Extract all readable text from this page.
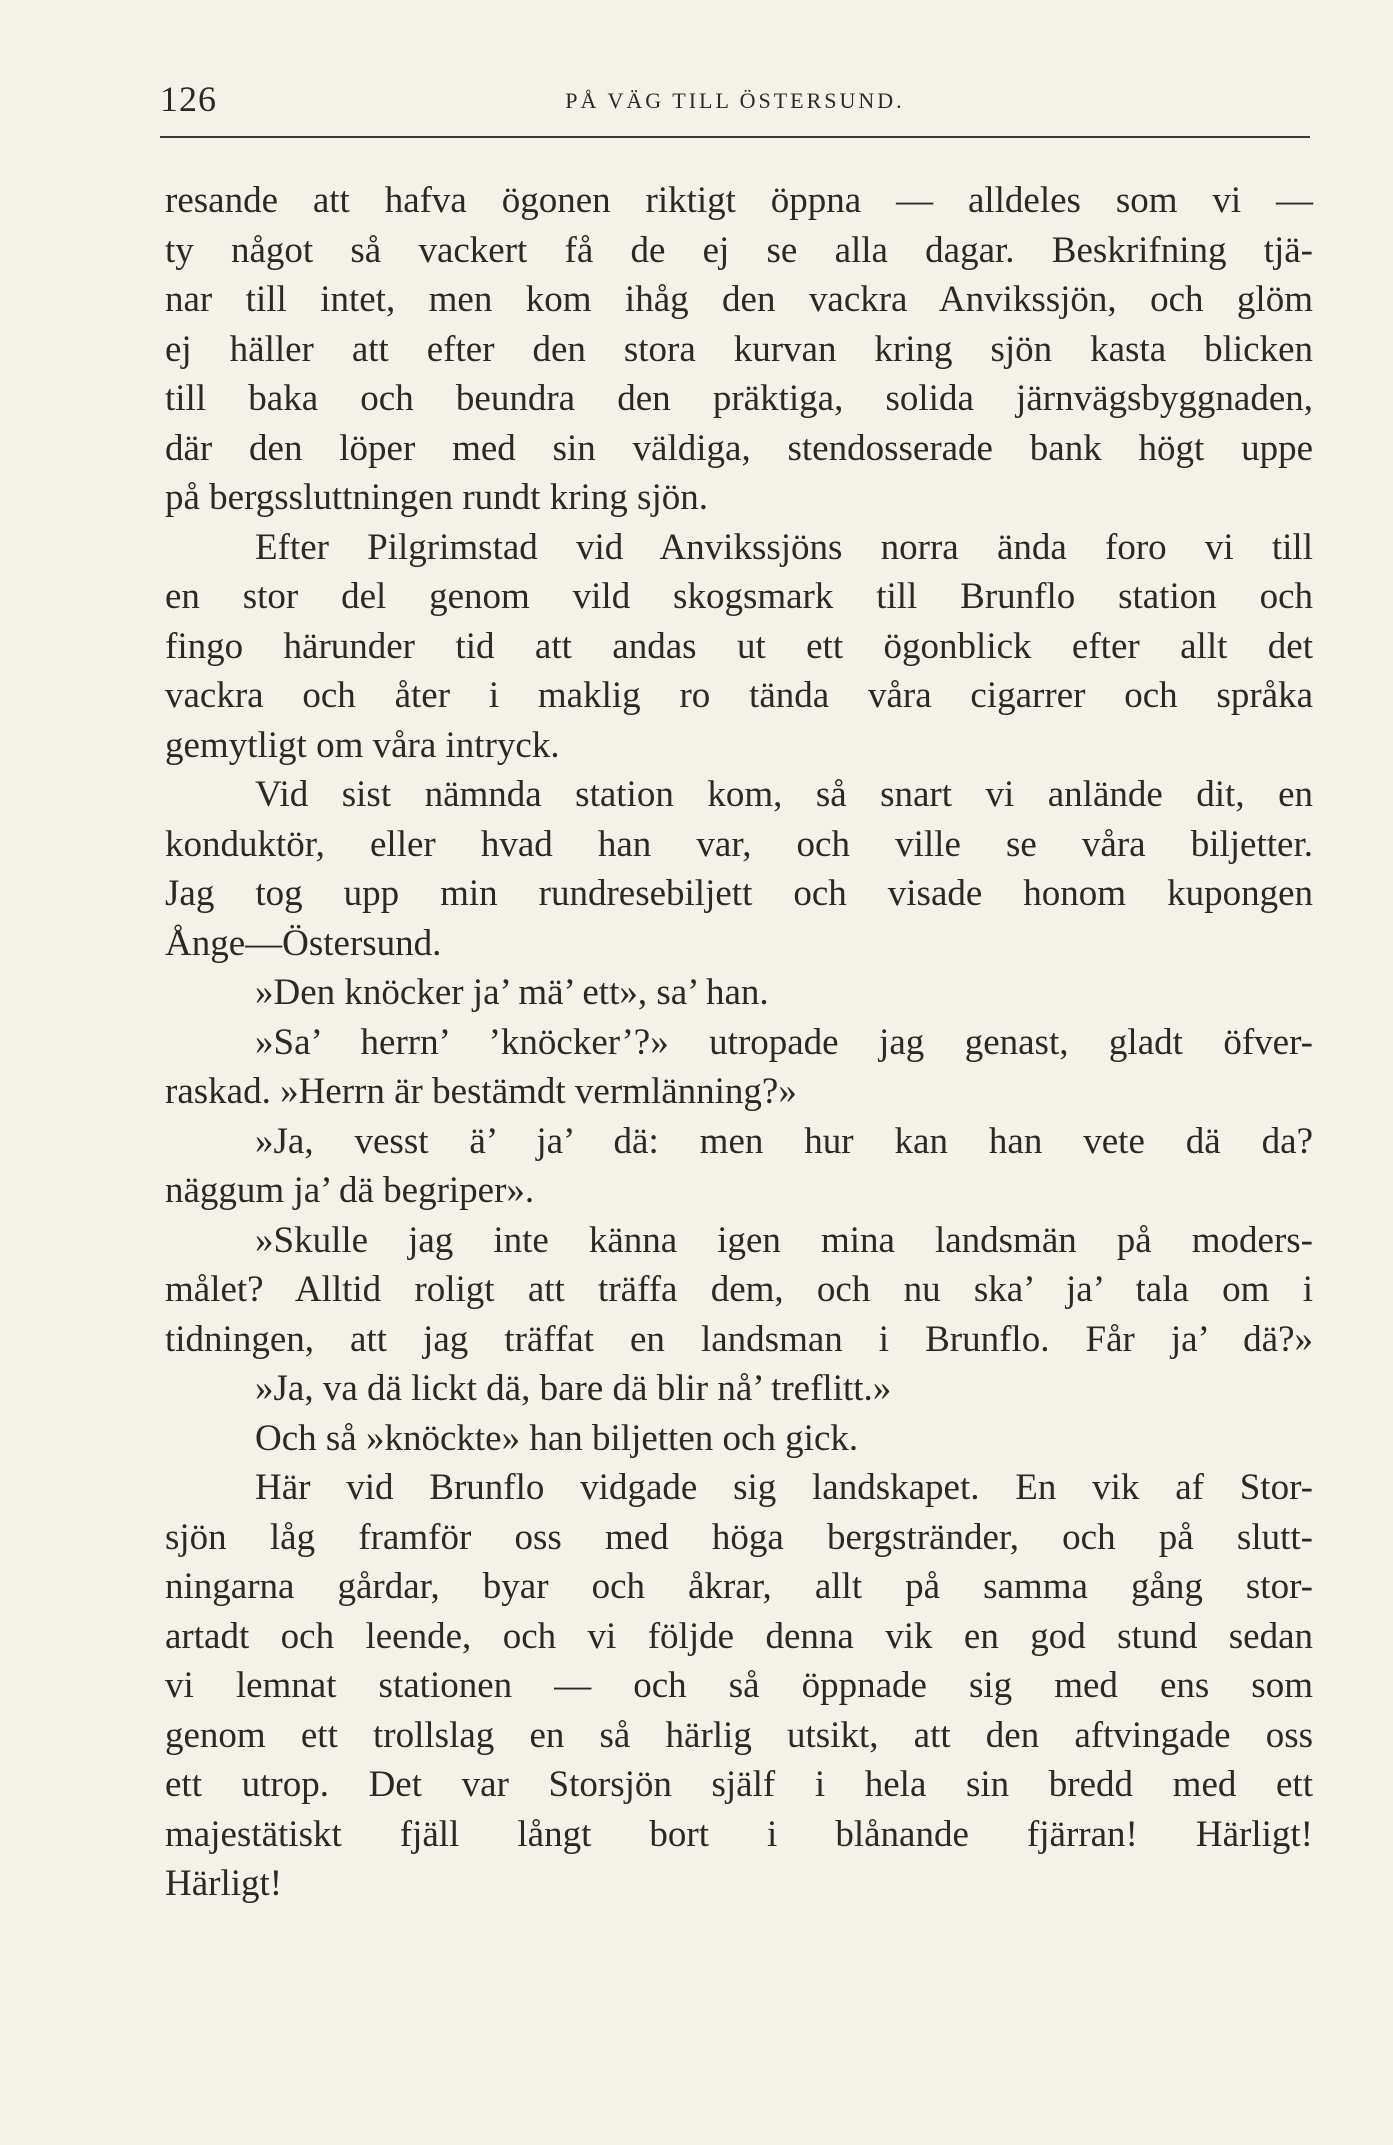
126	PÅ VÄG TILL ÖSTERSUND.
resande att hafva ögonen riktigt öppna — alldeles som vi —
ty något så vackert få de ej se alla dagar. Beskrifning tjä-
nar till intet, men kom ihåg den vackra Anvikssjön, och glöm
ej häller att efter den stora kurvan kring sjön kasta blicken
till baka och beundra den präktiga, solida järnvägsbyggnaden,
där den löper med sin väldiga, stendosserade bank högt uppe
på bergssluttningen rundt kring sjön.
Efter Pilgrimstad vid Anvikssjöns norra ända foro vi till
en stor del genom vild skogsmark till Brunflo station och
fingo härunder tid att andas ut ett ögonblick efter allt det
vackra och åter i maklig ro tända våra cigarrer och språka
gemytligt om våra intryck.
Vid sist nämnda station kom, så snart vi anlände dit, en
konduktör, eller hvad han var, och ville se våra biljetter.
Jag tog upp min rundresebiljett och visade honom kupongen
Ånge—Östersund.
»Den knöcker ja’ mä’ ett», sa’ han.
»Sa’ herrn’ ’knöcker’?» utropade jag genast, gladt öfver-
raskad. »Herrn är bestämdt vermlänning?»
»Ja, vesst ä’ ja’ dä: men hur kan han vete dä da?
näggum ja’ dä begriper».
»Skulle jag inte känna igen mina landsmän på moders-
målet? Alltid roligt att träffa dem, och nu ska’ ja’ tala om i
tidningen, att jag träffat en landsman i Brunflo. Får ja’ dä?»
»Ja, va dä lickt dä, bare dä blir nå’ treflitt.»
Och så »knöckte» han biljetten och gick.
Här vid Brunflo vidgade sig landskapet. En vik af Stor-
sjön låg framför oss med höga bergstränder, och på slutt-
ningarna gårdar, byar och åkrar, allt på samma gång stor-
artadt och leende, och vi följde denna vik en god stund sedan
vi lemnat stationen — och så öppnade sig med ens som
genom ett trollslag en så härlig utsikt, att den aftvingade oss
ett utrop. Det var Storsjön själf i hela sin bredd med ett
majestätiskt fjäll långt bort i blånande fjärran! Härligt!
Härligt!
